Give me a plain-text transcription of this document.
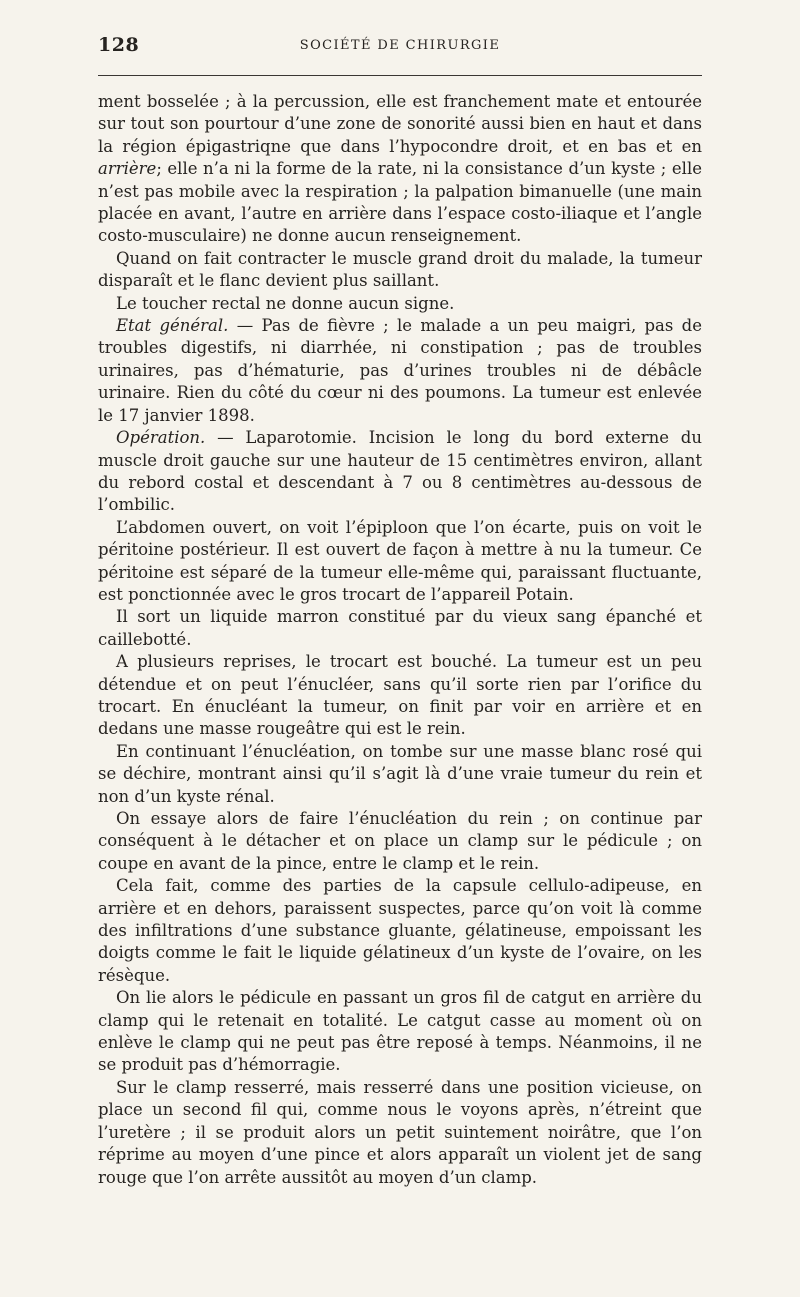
128	SOCIÉTÉ DE CHIRURGIE

ment bosselée ; à la percussion, elle est franchement mate et entourée sur tout son pourtour d’une zone de sonorité aussi bien en haut et dans la région épigastriqne que dans l’hypocondre droit, et en bas et en arrière; elle n’a ni la forme de la rate, ni la consistance d’un kyste ; elle n’est pas mobile avec la respiration ; la palpation bimanuelle (une main placée en avant, l’autre en arrière dans l’espace costo-iliaque et l’angle costo-musculaire) ne donne aucun renseignement.

Quand on fait contracter le muscle grand droit du malade, la tumeur disparaît et le flanc devient plus saillant.

Le toucher rectal ne donne aucun signe.

Etat général. — Pas de fièvre ; le malade a un peu maigri, pas de troubles digestifs, ni diarrhée, ni constipation ; pas de troubles urinaires, pas d’hématurie, pas d’urines troubles ni de débâcle urinaire. Rien du côté du cœur ni des poumons. La tumeur est enlevée le 17 janvier 1898.

Opération. — Laparotomie. Incision le long du bord externe du muscle droit gauche sur une hauteur de 15 centimètres environ, allant du rebord costal et descendant à 7 ou 8 centimètres au-dessous de l’ombilic.

L’abdomen ouvert, on voit l’épiploon que l’on écarte, puis on voit le péritoine postérieur. Il est ouvert de façon à mettre à nu la tumeur. Ce péritoine est séparé de la tumeur elle-même qui, paraissant fluctuante, est ponctionnée avec le gros trocart de l’appareil Potain.

Il sort un liquide marron constitué par du vieux sang épanché et caillebotté.

A plusieurs reprises, le trocart est bouché. La tumeur est un peu détendue et on peut l’énucléer, sans qu’il sorte rien par l’orifice du trocart. En énucléant la tumeur, on finit par voir en arrière et en dedans une masse rougeâtre qui est le rein.

En continuant l’énucléation, on tombe sur une masse blanc rosé qui se déchire, montrant ainsi qu’il s’agit là d’une vraie tumeur du rein et non d’un kyste rénal.

On essaye alors de faire l’énucléation du rein ; on continue par conséquent à le détacher et on place un clamp sur le pédicule ; on coupe en avant de la pince, entre le clamp et le rein.

Cela fait, comme des parties de la capsule cellulo-adipeuse, en arrière et en dehors, paraissent suspectes, parce qu’on voit là comme des infiltrations d’une substance gluante, gélatineuse, empoissant les doigts comme le fait le liquide gélatineux d’un kyste de l’ovaire, on les résèque.

On lie alors le pédicule en passant un gros fil de catgut en arrière du clamp qui le retenait en totalité. Le catgut casse au moment où on enlève le clamp qui ne peut pas être reposé à temps. Néanmoins, il ne se produit pas d’hémorragie.

Sur le clamp resserré, mais resserré dans une position vicieuse, on place un second fil qui, comme nous le voyons après, n’étreint que l’uretère ; il se produit alors un petit suintement noirâtre, que l’on réprime au moyen d’une pince et alors apparaît un violent jet de sang rouge que l’on arrête aussitôt au moyen d’un clamp.
